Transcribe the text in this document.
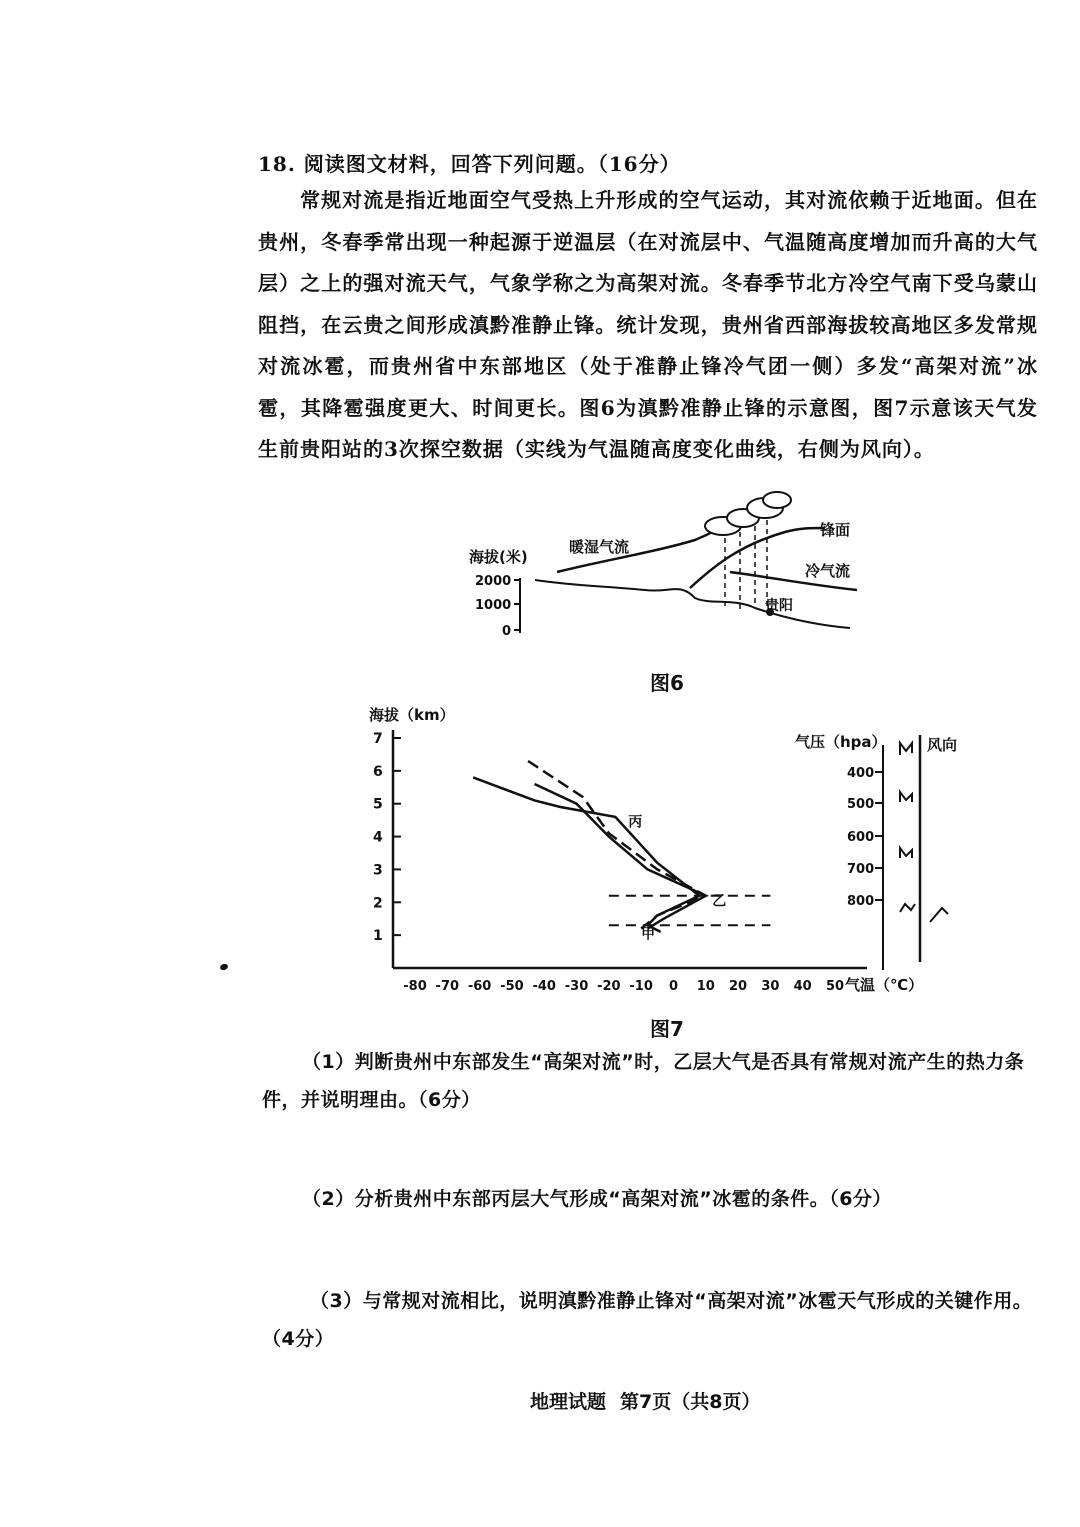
18. 阅读图文材料，回答下列问题。（16分）
常规对流是指近地面空气受热上升形成的空气运动，其对流依赖于近地面。但在贵州，冬春季常出现一种起源于逆温层（在对流层中、气温随高度增加而升高的大气层）之上的强对流天气，气象学称之为高架对流。冬春季节北方冷空气南下受乌蒙山阻挡，在云贵之间形成滇黔准静止锋。统计发现，贵州省西部海拔较高地区多发常规对流冰雹，而贵州省中东部地区（处于准静止锋冷气团一侧）多发“高架对流”冰雹，其降雹强度更大、时间更长。图6为滇黔准静止锋的示意图，图7示意该天气发生前贵阳站的3次探空数据（实线为气温随高度变化曲线，右侧为风向）。
海拔(米)
2000
1000
0
暖湿气流
锋面
冷气流
贵阳
图6
-80 -70 -60 -50 -40 -30 -20 -10 0 10 20 30 40 50
1
2
3
4
5
6
7
丙
乙
甲
海拔（km）
气温（℃）
气压（hpa）	风向
400
500
600
700
800
图7
（1）判断贵州中东部发生“高架对流”时，乙层大气是否具有常规对流产生的热力条件，并说明理由。（6分）
（2）分析贵州中东部丙层大气形成“高架对流”冰雹的条件。（6分）
（3）与常规对流相比，说明滇黔准静止锋对“高架对流”冰雹天气形成的关键作用。（4分）
地理试题 第7页（共8页）
